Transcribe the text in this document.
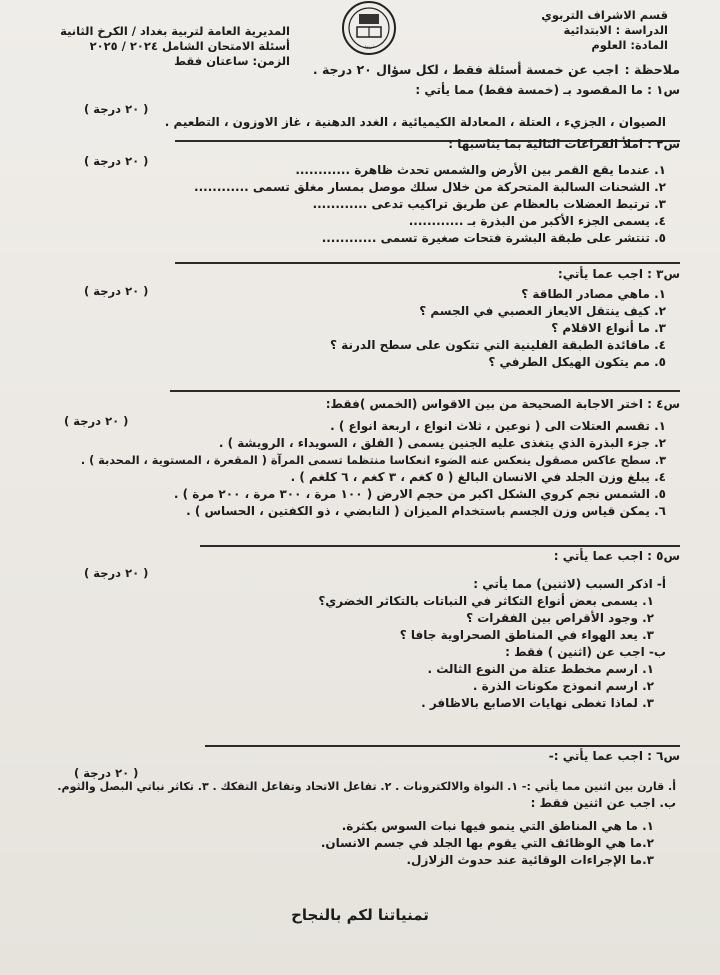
قسم الاشراف التربوي
الدراسة : الابتدائية
المادة: العلوم
تربية
المديرية العامة لتربية بغداد / الكرخ الثانية
أسئلة الامتحان الشامل ٢٠٢٤ / ٢٠٢٥
الزمن: ساعتان فقط
ملاحظة :اجب عن خمسة أسئلة فقط ، لكل سؤال ٢٠ درجة .
س١ : ما المقصود بـ (خمسة فقط) مما يأتي :
( ٢٠ درجة )
الصيوان ، الجزيء ، العتلة ، المعادلة الكيميائية ، الغدد الدهنية ، غاز الاوزون ، التطعيم .
س٢ : املأ الفراغات التالية بما يناسبها :
( ٢٠ درجة )
١. عندما يقع القمر بين الأرض والشمس تحدث ظاهرة ............
٢. الشحنات السالبة المتحركة من خلال سلك موصل بمسار مغلق تسمى ............
٣. ترتبط العضلات بالعظام عن طريق تراكيب تدعى ............
٤. يسمى الجزء الأكبر من البذرة بـ ............
٥. تنتشر على طبقة البشرة فتحات صغيرة تسمى ............
س٣ : اجب عما يأتي:
( ٢٠ درجة )	١. ماهي مصادر الطاقة ؟
٢. كيف ينتقل الايعاز العصبي في الجسم ؟
٣. ما أنواع الاقلام ؟
٤. مافائدة الطبقة الفلينية التي تتكون على سطح الدرنة ؟
٥. مم يتكون الهيكل الطرفي ؟
س٤ : اختر الاجابة الصحيحة من بين الاقواس (الخمس )فقط:
( ٢٠ درجة )	١. تقسم العتلات الى ( نوعين ، ثلاث انواع ، اربعة انواع ) .
٢. جزء البذرة الذي يتغذى عليه الجنين يسمى ( الفلق ، السويداء ، الرويشة ) .
٣. سطح عاكس مصقول ينعكس عنه الضوء انعكاسا منتظما تسمى المرآة ( المقعرة ، المستوية ، المحدبة ) .
٤. يبلغ وزن الجلد في الانسان البالغ ( ٥ كغم ، ٣ كغم ، ٦ كلغم ) .
٥. الشمس نجم كروي الشكل اكبر من حجم الارض ( ١٠٠ مرة ، ٣٠٠ مرة ، ٢٠٠ مرة ) .
٦. يمكن قياس وزن الجسم باستخدام الميزان ( النابضي ، ذو الكفتين ، الحساس ) .
س٥ : اجب عما يأتي :
( ٢٠ درجة )
أ- اذكر السبب (لاثنين) مما يأتي :
١. يسمى بعض أنواع التكاثر في النباتات بالتكاثر الخضري؟
٢. وجود الأقراص بين الفقرات ؟
٣. يعد الهواء في المناطق الصحراوية جافا ؟
ب- اجب عن (اثنين ) فقط :
١. ارسم مخطط عتلة من النوع الثالث .
٢. ارسم انموذج مكونات الذرة .
٣. لماذا تغطى نهايات الاصابع بالاظافر .
س٦ : اجب عما يأتي :-
( ٢٠ درجة )
أ. قارن بين اثنين مما يأتي :- ١. النواة والالكترونات . ٢. تفاعل الاتحاد وتفاعل التفكك . ٣. تكاثر نباتي البصل والثوم.
ب. اجب عن اثنين فقط :
١. ما هي المناطق التي ينمو فيها نبات السوس بكثرة.
٢.ما هي الوظائف التي يقوم بها الجلد في جسم الانسان.
٣.ما الإجراءات الوقائية عند حدوث الزلازل.
تمنياتنا لكم بالنجاح
